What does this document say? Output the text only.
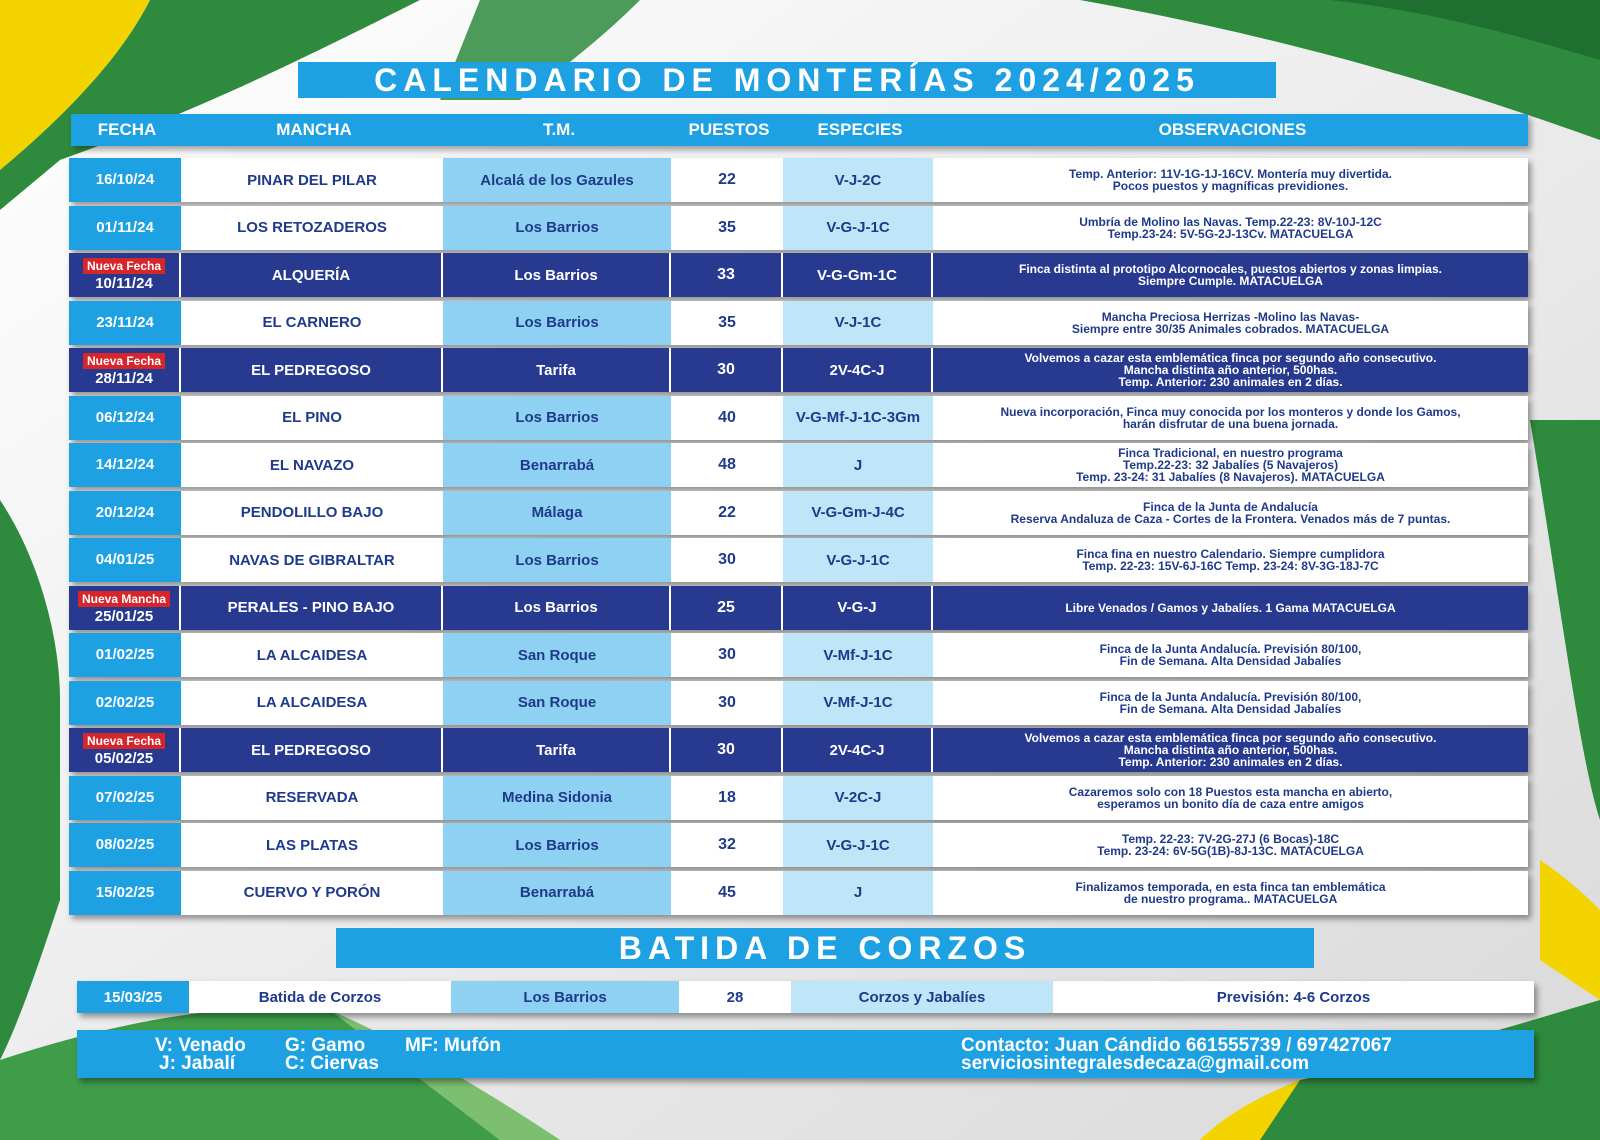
CALENDARIO DE MONTERÍAS 2024/2025
FECHA	MANCHA	T.M.	PUESTOS	ESPECIES	OBSERVACIONES
16/10/24	PINAR DEL PILAR	Alcalá de los Gazules	22	V-J-2C	Temp. Anterior: 11V-1G-1J-16CV. Montería muy divertida.
Pocos puestos y magníficas previdiones.
01/11/24	LOS RETOZADEROS	Los Barrios	35	V-G-J-1C	Umbría de Molino las Navas. Temp.22-23: 8V-10J-12C
Temp.23-24: 5V-5G-2J-13Cv. MATACUELGA
Nueva Fecha
10/11/24	ALQUERÍA	Los Barrios	33	V-G-Gm-1C	Finca distinta al prototipo Alcornocales, puestos abiertos y zonas limpias.
Siempre Cumple. MATACUELGA
23/11/24	EL CARNERO	Los Barrios	35	V-J-1C	Mancha Preciosa Herrizas -Molino las Navas-
Siempre entre 30/35 Animales cobrados. MATACUELGA
Nueva Fecha
28/11/24	EL PEDREGOSO	Tarifa	30	2V-4C-J
Volvemos a cazar esta emblemática finca por segundo año consecutivo.
Mancha distinta año anterior, 500has.
Temp. Anterior: 230 animales en 2 días.
06/12/24	EL PINO	Los Barrios	40	V-G-Mf-J-1C-3Gm	Nueva incorporación, Finca muy conocida por los monteros y donde los Gamos,
harán disfrutar de una buena jornada.
14/12/24	EL NAVAZO	Benarrabá	48	J
Finca Tradicional, en nuestro programa
Temp.22-23: 32 Jabalíes (5 Navajeros)
Temp. 23-24: 31 Jabalíes (8 Navajeros). MATACUELGA
20/12/24	PENDOLILLO BAJO	Málaga	22	V-G-Gm-J-4C	Finca de la Junta de Andalucía
Reserva Andaluza de Caza - Cortes de la Frontera. Venados más de 7 puntas.
04/01/25	NAVAS DE GIBRALTAR	Los Barrios	30	V-G-J-1C	Finca fina en nuestro Calendario. Siempre cumplidora
Temp. 22-23: 15V-6J-16C Temp. 23-24: 8V-3G-18J-7C
Nueva Mancha
25/01/25	PERALES - PINO BAJO	Los Barrios	25	V-G-J	Libre Venados / Gamos y Jabalíes. 1 Gama MATACUELGA
01/02/25	LA ALCAIDESA	San Roque	30	V-Mf-J-1C	Finca de la Junta Andalucía. Previsión 80/100,
Fin de Semana. Alta Densidad Jabalíes
02/02/25	LA ALCAIDESA	San Roque	30	V-Mf-J-1C	Finca de la Junta Andalucía. Previsión 80/100,
Fin de Semana. Alta Densidad Jabalíes
Nueva Fecha
05/02/25	EL PEDREGOSO	Tarifa	30	2V-4C-J
Volvemos a cazar esta emblemática finca por segundo año consecutivo.
Mancha distinta año anterior, 500has.
Temp. Anterior: 230 animales en 2 días.
07/02/25	RESERVADA	Medina Sidonia	18	V-2C-J	Cazaremos solo con 18 Puestos esta mancha en abierto,
esperamos un bonito día de caza entre amigos
08/02/25	LAS PLATAS	Los Barrios	32	V-G-J-1C	Temp. 22-23: 7V-2G-27J (6 Bocas)-18C
Temp. 23-24: 6V-5G(1B)-8J-13C. MATACUELGA
15/02/25	CUERVO Y PORÓN	Benarrabá	45	J	Finalizamos temporada, en esta finca tan emblemática
de nuestro programa.. MATACUELGA
BATIDA DE CORZOS
15/03/25	Batida de Corzos	Los Barrios	28	Corzos y Jabalíes	Previsión: 4-6 Corzos
V: Venado G: Gamo MF: Mufón
J: Jabalí	C: Ciervas
Contacto: Juan Cándido 661555739 / 697427067
serviciosintegralesdecaza@gmail.com
